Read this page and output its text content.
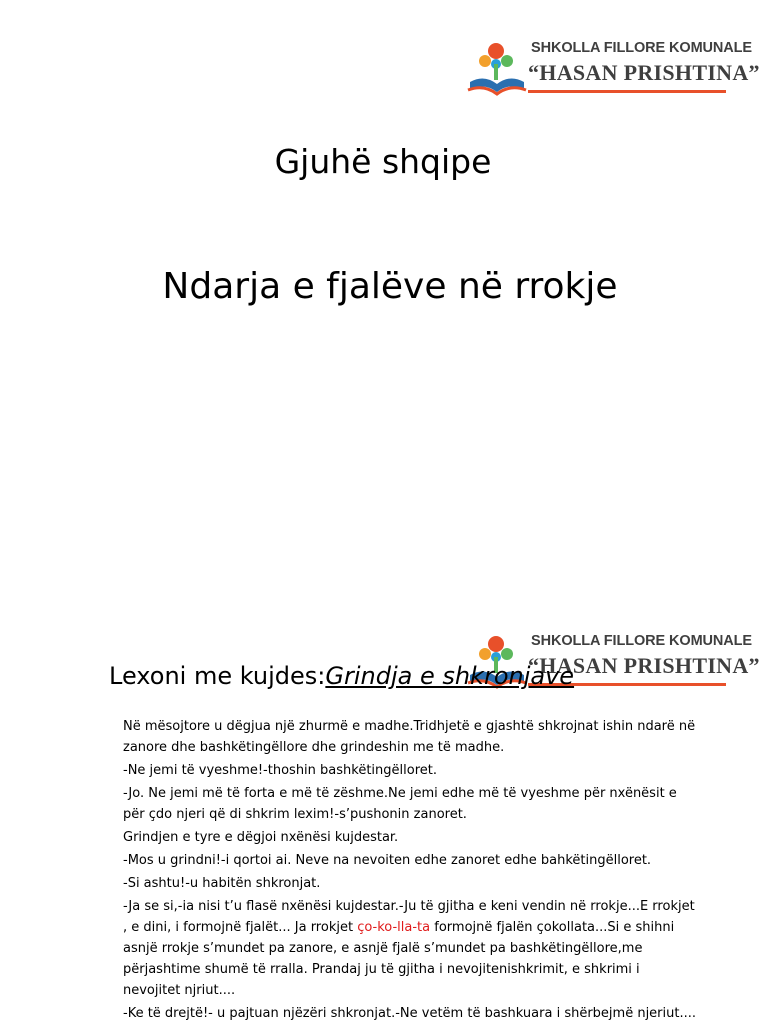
SHKOLLA FILLORE KOMUNALE
“HASAN PRISHTINA”
Gjuhë shqipe
Ndarja e fjalëve në rrokje
SHKOLLA FILLORE KOMUNALE
“HASAN PRISHTINA”
Lexoni me kujdes:Grindja e shkronjave

Në mësojtore u dëgjua një zhurmë e madhe.Tridhjetë e gjashtë shkrojnat ishin ndarë në zanore dhe bashkëtingëllore dhe grindeshin me të madhe.

-Ne jemi të vyeshme!-thoshin bashkëtingëlloret.

-Jo. Ne jemi më të forta e më të zëshme.Ne jemi edhe më të vyeshme për nxënësit e për çdo njeri që di shkrim lexim!-s’pushonin zanoret.

Grindjen e tyre e dëgjoi nxënësi kujdestar.

-Mos u grindni!-i qortoi ai. Neve na nevoiten edhe zanoret edhe bahkëtingëlloret.

-Si ashtu!-u habitën shkronjat.

-Ja se si,-ia nisi t’u flasë nxënësi kujdestar.-Ju të gjitha e keni vendin në rrokje...E rrokjet , e dini, i formojnë fjalët... Ja rrokjet ço-ko-lla-ta formojnë fjalën çokollata...Si e shihni asnjë rrokje s’mundet pa zanore, e asnjë fjalë s’mundet pa bashkëtingëllore,me përjashtime shumë të rralla. Prandaj ju të gjitha i nevojitenishkrimit, e shkrimi i nevojitet njriut....

-Ke të drejtë!- u pajtuan njëzëri shkronjat.-Ne vetëm të bashkuara i shërbejmë njeriut....
